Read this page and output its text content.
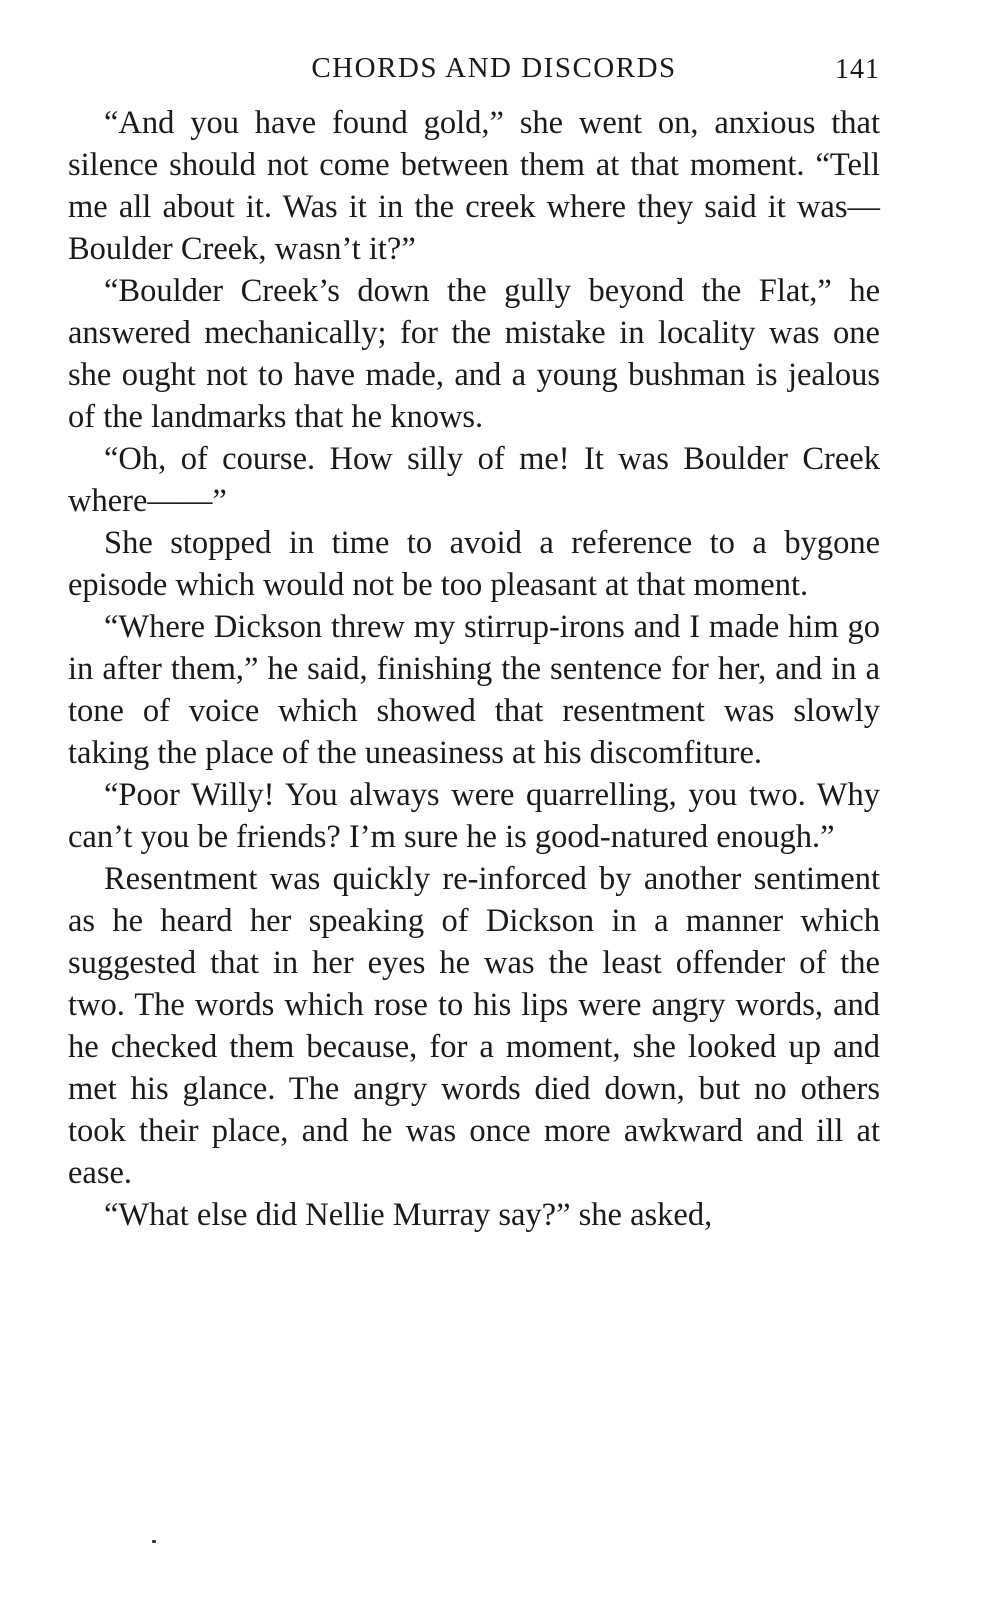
CHORDS AND DISCORDS	141

“And you have found gold,” she went on, anxious that silence should not come between them at that moment. “Tell me all about it. Was it in the creek where they said it was—Boulder Creek, wasn’t it?”

“Boulder Creek’s down the gully beyond the Flat,” he answered mechanically; for the mistake in locality was one she ought not to have made, and a young bushman is jealous of the landmarks that he knows.

“Oh, of course. How silly of me! It was Boulder Creek where——”

She stopped in time to avoid a reference to a bygone episode which would not be too pleasant at that moment.

“Where Dickson threw my stirrup-irons and I made him go in after them,” he said, finishing the sentence for her, and in a tone of voice which showed that resentment was slowly taking the place of the uneasiness at his discomfiture.

“Poor Willy! You always were quarrelling, you two. Why can’t you be friends? I’m sure he is good-natured enough.”

Resentment was quickly re-inforced by another sentiment as he heard her speaking of Dickson in a manner which suggested that in her eyes he was the least offender of the two. The words which rose to his lips were angry words, and he checked them because, for a moment, she looked up and met his glance. The angry words died down, but no others took their place, and he was once more awkward and ill at ease.

“What else did Nellie Murray say?” she asked,
